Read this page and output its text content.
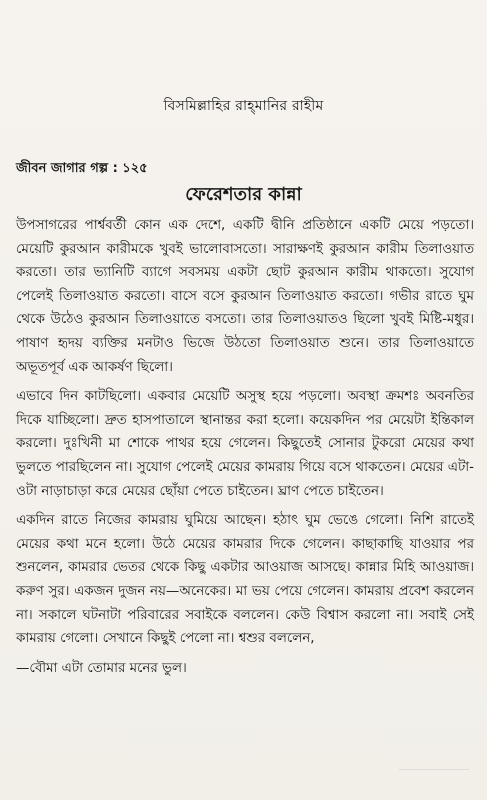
বিসমিল্লাহির রাহ্‌মানির রাহীম
জীবন জাগার গল্প : ১২৫
ফেরেশতার কান্না

উপসাগরের পার্শ্ববর্তী কোন এক দেশে, একটি দ্বীনি প্রতিষ্ঠানে একটি মেয়ে পড়তো। মেয়েটি কুরআন কারীমকে খুবই ভালোবাসতো। সারাক্ষণই কুরআন কারীম তিলাওয়াত করতো। তার ভ্যানিটি ব্যাগে সবসময় একটা ছোট কুরআন কারীম থাকতো। সুযোগ পেলেই তিলাওয়াত করতো। বাসে বসে কুরআন তিলাওয়াত করতো। গভীর রাতে ঘুম থেকে উঠেও কুরআন তিলাওয়াতে বসতো। তার তিলাওয়াতও ছিলো খুবই মিষ্টি-মধুর। পাষাণ হৃদয় ব্যক্তির মনটাও ভিজে উঠতো তিলাওয়াত শুনে। তার তিলাওয়াতে অভূতপূর্ব এক আকর্ষণ ছিলো।

এভাবে দিন কাটছিলো। একবার মেয়েটি অসুস্থ হয়ে পড়লো। অবস্থা ক্রমশঃ অবনতির দিকে যাচ্ছিলো। দ্রুত হাসপাতালে স্থানান্তর করা হলো। কয়েকদিন পর মেয়েটা ইন্তিকাল করলো। দুঃখিনী মা শোকে পাথর হয়ে গেলেন। কিছুতেই সোনার টুকরো মেয়ের কথা ভুলতে পারছিলেন না। সুযোগ পেলেই মেয়ের কামরায় গিয়ে বসে থাকতেন। মেয়ের এটা-ওটা নাড়াচাড়া করে মেয়ের ছোঁয়া পেতে চাইতেন। ঘ্রাণ পেতে চাইতেন।

একদিন রাতে নিজের কামরায় ঘুমিয়ে আছেন। হঠাৎ ঘুম ভেঙে গেলো। নিশি রাতেই মেয়ের কথা মনে হলো। উঠে মেয়ের কামরার দিকে গেলেন। কাছাকাছি যাওয়ার পর শুনলেন, কামরার ভেতর থেকে কিছু একটার আওয়াজ আসছে। কান্নার মিহি আওয়াজ। করুণ সুর। একজন দুজন নয়—অনেকের। মা ভয় পেয়ে গেলেন। কামরায় প্রবেশ করলেন না। সকালে ঘটনাটা পরিবারের সবাইকে বললেন। কেউ বিশ্বাস করলো না। সবাই সেই কামরায় গেলো। সেখানে কিছুই পেলো না। শ্বশুর বললেন,

—বৌমা এটা তোমার মনের ভুল।
